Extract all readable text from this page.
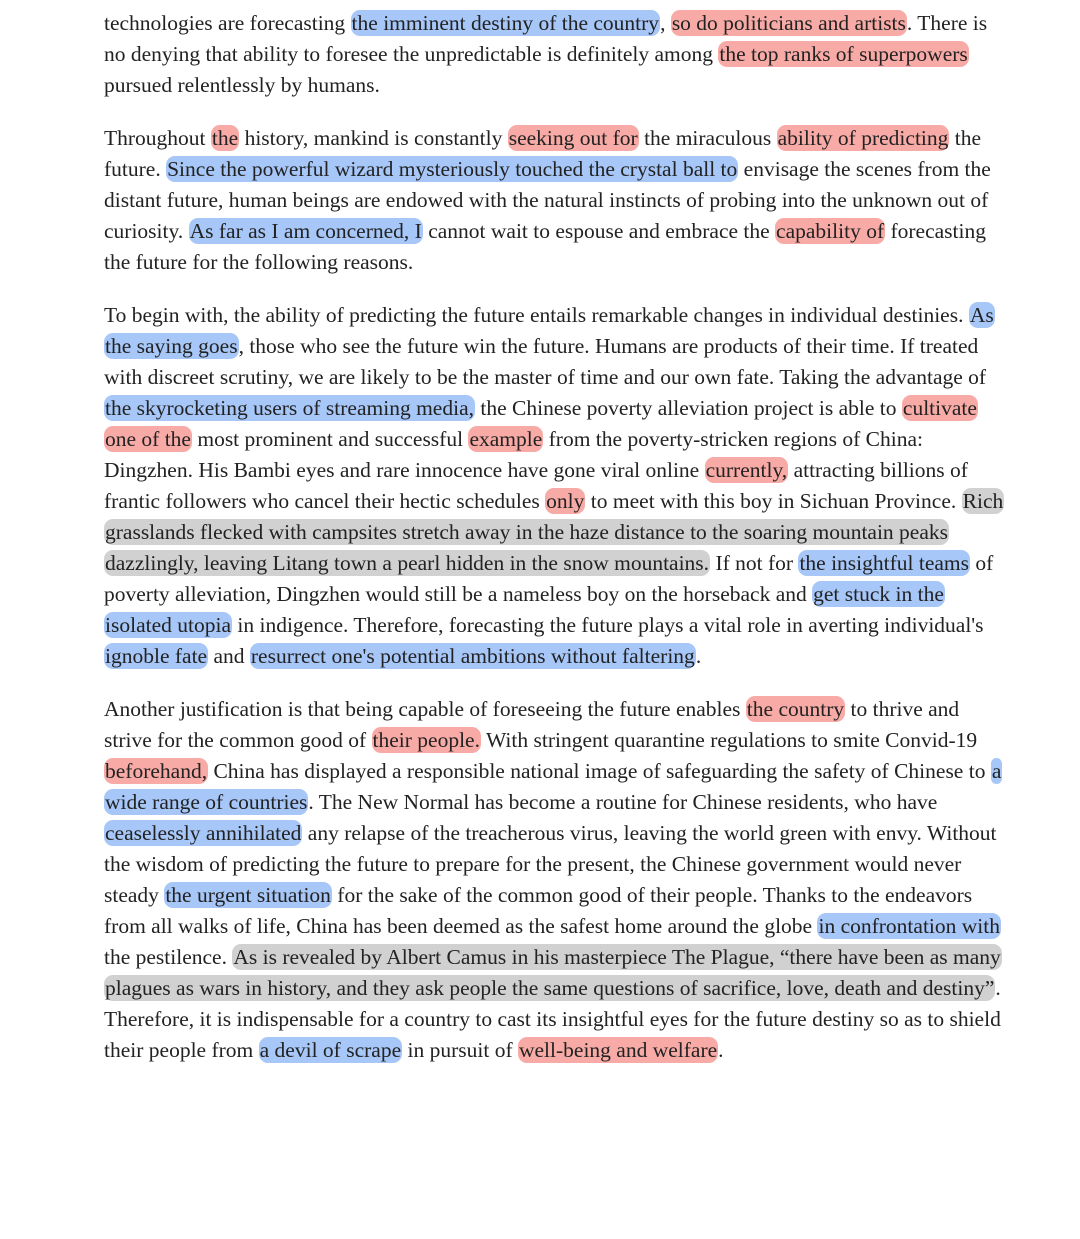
technologies are forecasting the imminent destiny of the country, so do politicians and artists. There is no denying that ability to foresee the unpredictable is definitely among the top ranks of superpowers pursued relentlessly by humans.

Throughout the history, mankind is constantly seeking out for the miraculous ability of predicting the future. Since the powerful wizard mysteriously touched the crystal ball to envisage the scenes from the distant future, human beings are endowed with the natural instincts of probing into the unknown out of curiosity. As far as I am concerned, I cannot wait to espouse and embrace the capability of forecasting the future for the following reasons.

To begin with, the ability of predicting the future entails remarkable changes in individual destinies. As the saying goes, those who see the future win the future. Humans are products of their time. If treated with discreet scrutiny, we are likely to be the master of time and our own fate. Taking the advantage of the skyrocketing users of streaming media, the Chinese poverty alleviation project is able to cultivate one of the most prominent and successful example from the poverty-stricken regions of China: Dingzhen. His Bambi eyes and rare innocence have gone viral online currently, attracting billions of frantic followers who cancel their hectic schedules only to meet with this boy in Sichuan Province. Rich grasslands flecked with campsites stretch away in the haze distance to the soaring mountain peaks dazzlingly, leaving Litang town a pearl hidden in the snow mountains. If not for the insightful teams of poverty alleviation, Dingzhen would still be a nameless boy on the horseback and get stuck in the isolated utopia in indigence. Therefore, forecasting the future plays a vital role in averting individual's ignoble fate and resurrect one's potential ambitions without faltering.

Another justification is that being capable of foreseeing the future enables the country to thrive and strive for the common good of their people. With stringent quarantine regulations to smite Convid-19 beforehand, China has displayed a responsible national image of safeguarding the safety of Chinese to a wide range of countries. The New Normal has become a routine for Chinese residents, who have ceaselessly annihilated any relapse of the treacherous virus, leaving the world green with envy. Without the wisdom of predicting the future to prepare for the present, the Chinese government would never steady the urgent situation for the sake of the common good of their people. Thanks to the endeavors from all walks of life, China has been deemed as the safest home around the globe in confrontation with the pestilence. As is revealed by Albert Camus in his masterpiece The Plague, “there have been as many plagues as wars in history, and they ask people the same questions of sacrifice, love, death and destiny”. Therefore, it is indispensable for a country to cast its insightful eyes for the future destiny so as to shield their people from a devil of scrape in pursuit of well-being and welfare.
